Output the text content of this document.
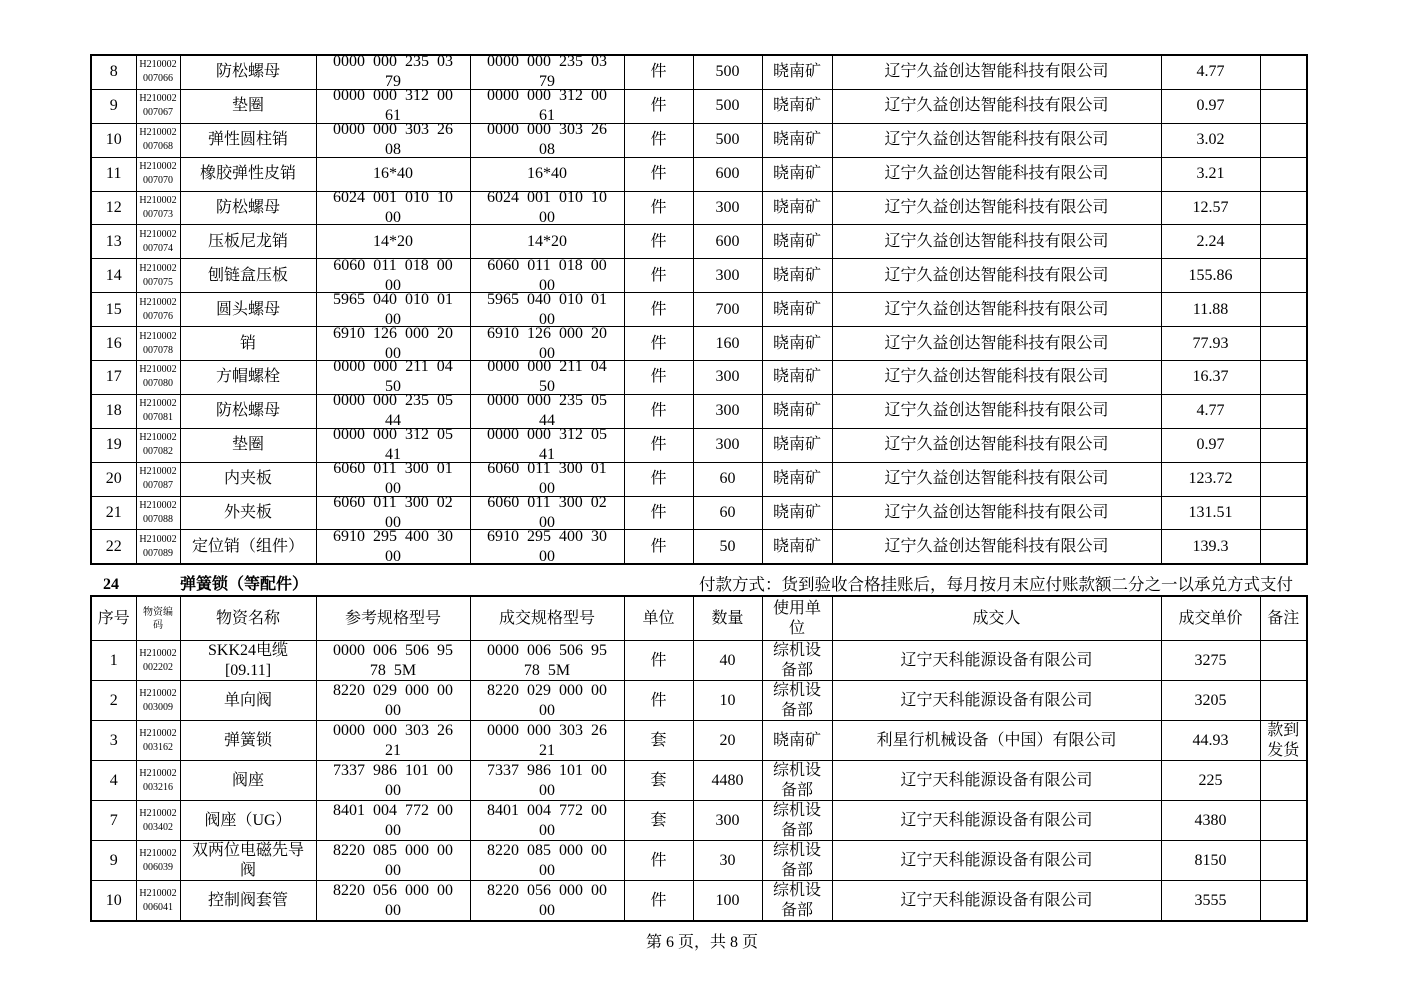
8	H210002007066	防松螺母	0000 000 235 03 79	0000 000 235 03 79	件	500	晓南矿	辽宁久益创达智能科技有限公司	4.77	

9	H210002007067	垫圈	0000 000 312 00 61	0000 000 312 00 61	件	500	晓南矿	辽宁久益创达智能科技有限公司	0.97	

10	H210002007068	弹性圆柱销	0000 000 303 26 08	0000 000 303 26 08	件	500	晓南矿	辽宁久益创达智能科技有限公司	3.02	

11	H210002007070	橡胶弹性皮销	16*40	16*40	件	600	晓南矿	辽宁久益创达智能科技有限公司	3.21	

12	H210002007073	防松螺母	6024 001 010 10 00	6024 001 010 10 00	件	300	晓南矿	辽宁久益创达智能科技有限公司	12.57	

13	H210002007074	压板尼龙销	14*20	14*20	件	600	晓南矿	辽宁久益创达智能科技有限公司	2.24	

14	H210002007075	刨链盒压板	6060 011 018 00 00	6060 011 018 00 00	件	300	晓南矿	辽宁久益创达智能科技有限公司	155.86	

15	H210002007076	圆头螺母	5965 040 010 01 00	5965 040 010 01 00	件	700	晓南矿	辽宁久益创达智能科技有限公司	11.88	

16	H210002007078	销	6910 126 000 20 00	6910 126 000 20 00	件	160	晓南矿	辽宁久益创达智能科技有限公司	77.93	

17	H210002007080	方帽螺栓	0000 000 211 04 50	0000 000 211 04 50	件	300	晓南矿	辽宁久益创达智能科技有限公司	16.37	

18	H210002007081	防松螺母	0000 000 235 05 44	0000 000 235 05 44	件	300	晓南矿	辽宁久益创达智能科技有限公司	4.77	

19	H210002007082	垫圈	0000 000 312 05 41	0000 000 312 05 41	件	300	晓南矿	辽宁久益创达智能科技有限公司	0.97	

20	H210002007087	内夹板	6060 011 300 01 00	6060 011 300 01 00	件	60	晓南矿	辽宁久益创达智能科技有限公司	123.72	

21	H210002007088	外夹板	6060 011 300 02 00	6060 011 300 02 00	件	60	晓南矿	辽宁久益创达智能科技有限公司	131.51	

22	H210002007089	定位销（组件）	6910 295 400 30 00	6910 295 400 30 00	件	50	晓南矿	辽宁久益创达智能科技有限公司	139.3	

24	弹簧锁（等配件）	付款方式：货到验收合格挂账后，每月按月末应付账款额二分之一以承兑方式支付
序号	物资编码	物资名称	参考规格型号	成交规格型号	单位	数量	使用单位	成交人	成交单价	备注

1	H210002002202	SKK24电缆[09.11]	0000 006 506 95 78 5M	0000 006 506 95 78 5M	件	40	综机设备部	辽宁天科能源设备有限公司	3275	

2	H210002003009	单向阀	8220 029 000 00 00	8220 029 000 00 00	件	10	综机设备部	辽宁天科能源设备有限公司	3205	

3	H210002003162	弹簧锁	0000 000 303 26 21	0000 000 303 26 21	套	20	晓南矿	利星行机械设备（中国）有限公司	44.93	款到发货

4	H210002003216	阀座	7337 986 101 00 00	7337 986 101 00 00	套	4480	综机设备部	辽宁天科能源设备有限公司	225	

7	H210002003402	阀座（UG）	8401 004 772 00 00	8401 004 772 00 00	套	300	综机设备部	辽宁天科能源设备有限公司	4380	

9	H210002006039	双两位电磁先导阀	8220 085 000 00 00	8220 085 000 00 00	件	30	综机设备部	辽宁天科能源设备有限公司	8150	

10	H210002006041	控制阀套管	8220 056 000 00 00	8220 056 000 00 00	件	100	综机设备部	辽宁天科能源设备有限公司	3555	

第 6 页，共 8 页
